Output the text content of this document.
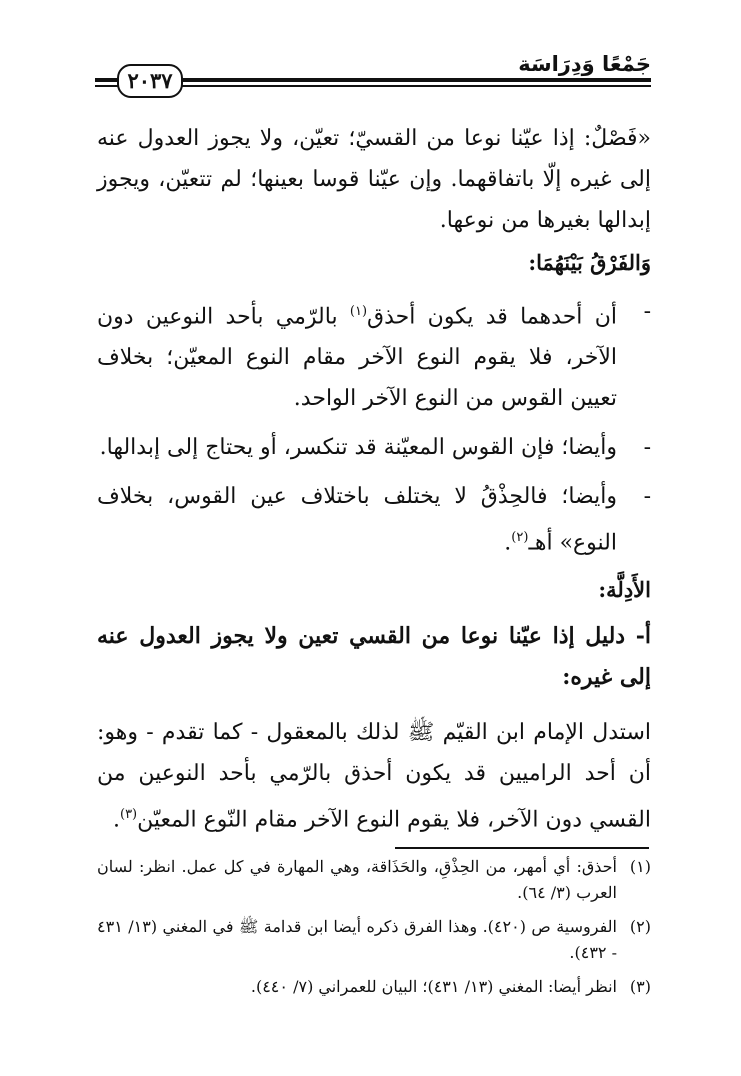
جَمْعًا وَدِرَاسَة
٢٠٣٧

«فَصْلٌ: إذا عيّنا نوعا من القسيّ؛ تعيّن، ولا يجوز العدول عنه إلى غيره إلّا باتفاقهما. وإن عيّنا قوسا بعينها؛ لم تتعيّن، ويجوز إبدالها بغيرها من نوعها.

وَالفَرْقُ بَيْنَهُمَا:
-
أن أحدهما قد يكون أحذق$^{(١)}$ بالرّمي بأحد النوعين دون الآخر، فلا يقوم النوع الآخر مقام النوع المعيّن؛ بخلاف تعيين القوس من النوع الآخر الواحد.
-
وأيضا؛ فإن القوس المعيّنة قد تنكسر، أو يحتاج إلى إبدالها.
-
وأيضا؛ فالحِذْقُ لا يختلف باختلاف عين القوس، بخلاف النوع» أهـ$^{(٢)}$.
الأَدِلَّة:

أ- دليل إذا عيّنا نوعا من القسي تعين ولا يجوز العدول عنه إلى غيره:

استدل الإمام ابن القيّم ﷺ لذلك بالمعقول - كما تقدم - وهو: أن أحد الراميين قد يكون أحذق بالرّمي بأحد النوعين من القسي دون الآخر، فلا يقوم النوع الآخر مقام النّوع المعيّن$^{(٣)}$.

(١)
أحذق: أي أمهر، من الحِذْقِ، والحَذَاقة، وهي المهارة في كل عمل. انظر: لسان العرب (٣/ ٦٤).
(٢)
الفروسية ص (٤٢٠). وهذا الفرق ذكره أيضا ابن قدامة ﷺ في المغني (١٣/ ٤٣١ - ٤٣٢).
(٣)
انظر أيضا: المغني (١٣/ ٤٣١)؛ البيان للعمراني (٧/ ٤٤٠).
